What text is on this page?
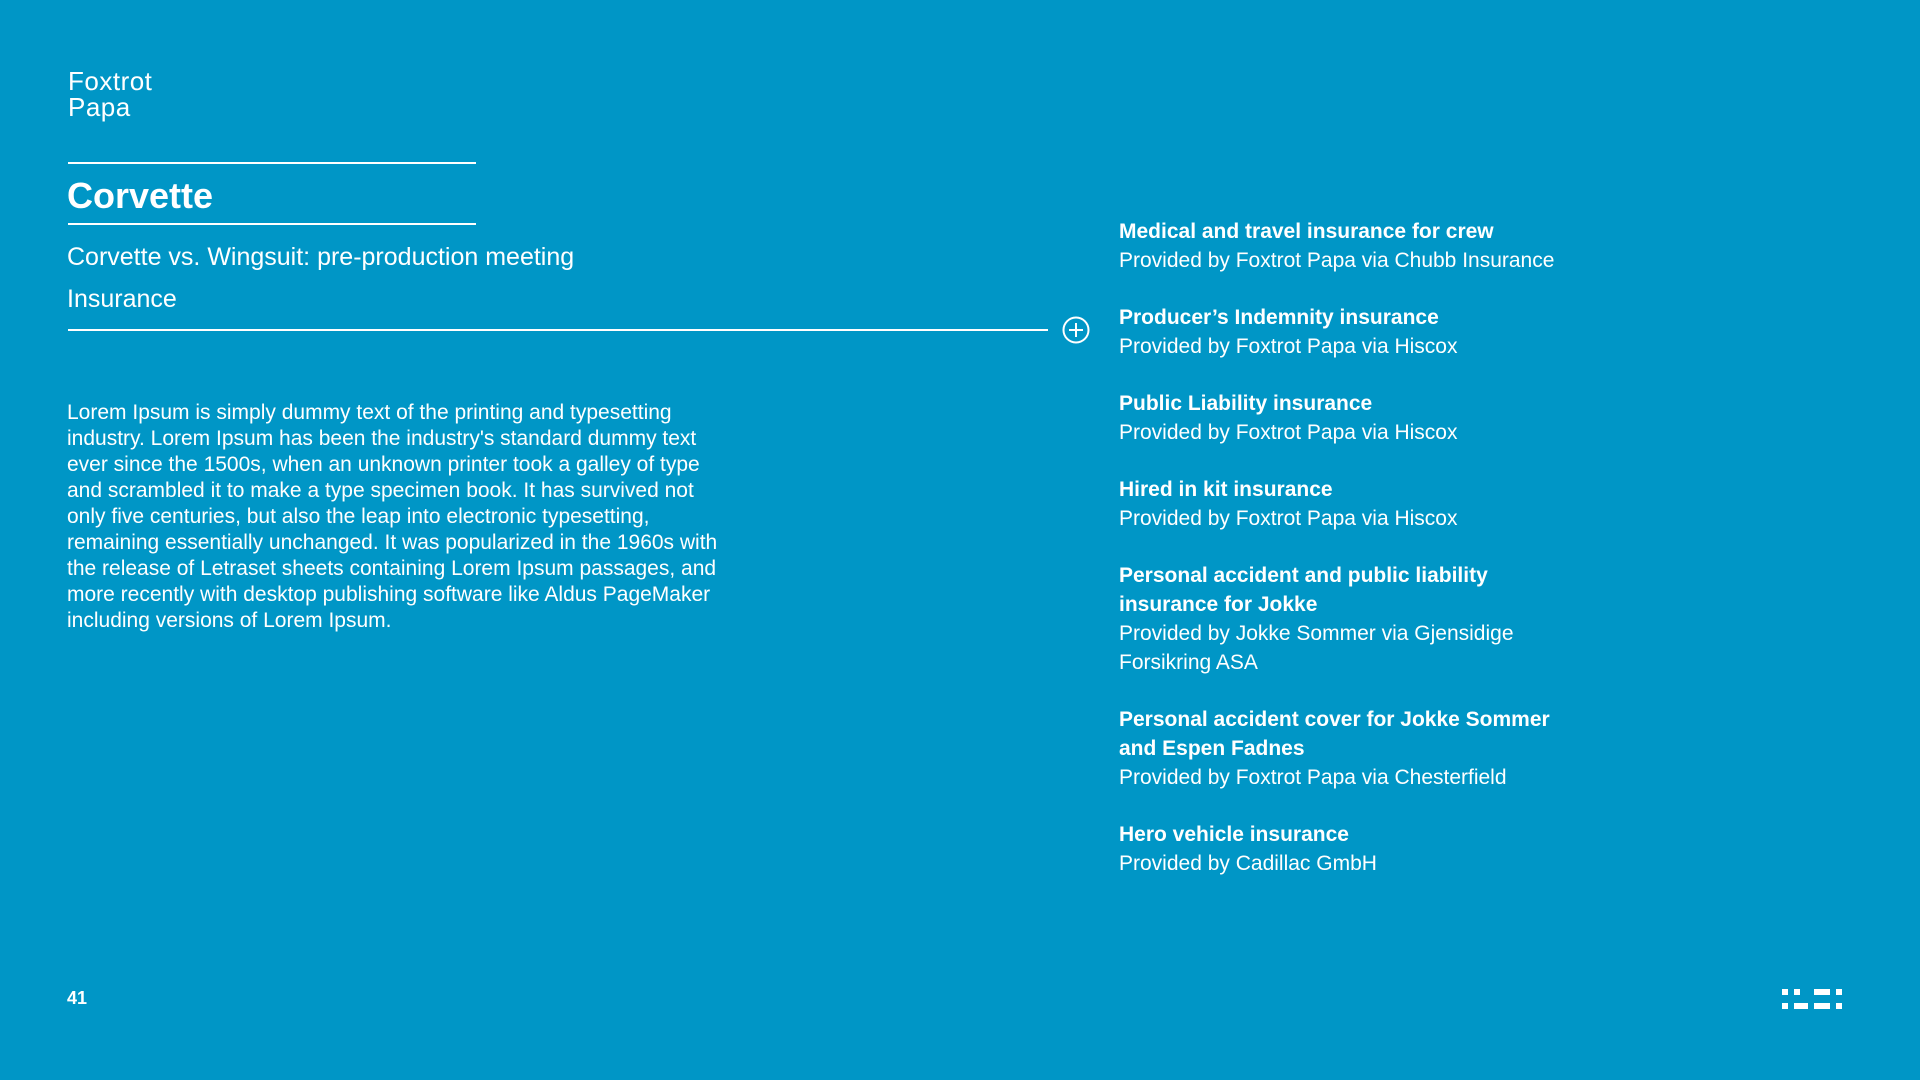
Foxtrot
Papa
Corvette
Corvette vs. Wingsuit: pre-production meeting
Insurance
Lorem Ipsum is simply dummy text of the printing and typesetting industry. Lorem Ipsum has been the industry's standard dummy text ever since the 1500s, when an unknown printer took a galley of type and scrambled it to make a type specimen book. It has survived not only five centuries, but also the leap into electronic typesetting, remaining essentially unchanged. It was popularized in the 1960s with the release of Letraset sheets containing Lorem Ipsum passages, and more recently with desktop publishing software like Aldus PageMaker including versions of Lorem Ipsum.
Medical and travel insurance for crew
Provided by Foxtrot Papa via Chubb Insurance
Producer’s Indemnity insurance
Provided by Foxtrot Papa via Hiscox
Public Liability insurance
Provided by Foxtrot Papa via Hiscox
Hired in kit insurance
Provided by Foxtrot Papa via Hiscox
Personal accident and public liability insurance for Jokke
Provided by Jokke Sommer via Gjensidige Forsikring ASA
Personal accident cover for Jokke Sommer and Espen Fadnes
Provided by Foxtrot Papa via Chesterfield
Hero vehicle insurance
Provided by Cadillac GmbH
41
